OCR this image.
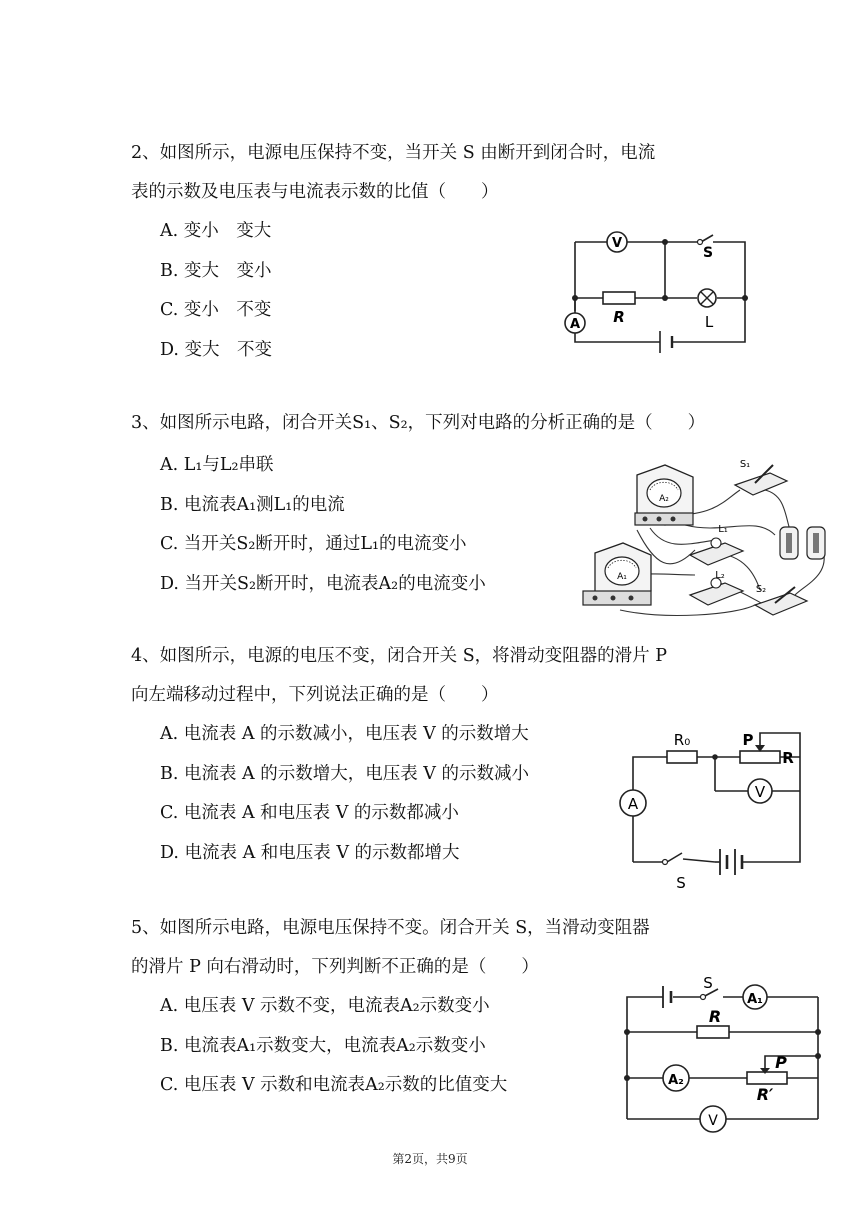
2、如图所示，电源电压保持不变，当开关 S 由断开到闭合时，电流

表的示数及电压表与电流表示数的比值（　　）

A. 变小　变大
B. 变大　变小
C. 变小　不变
D. 变大　不变
V
S
R	L
A

3、如图所示电路，闭合开关S₁、S₂，下列对电路的分析正确的是（　　）

A. L₁与L₂串联
B. 电流表A₁测L₁的电流
C. 当开关S₂断开时，通过L₁的电流变小
D. 当开关S₂断开时，电流表A₂的电流变小
A₂
A₁
S₁
L₁
L₂
S₂

4、如图所示，电源的电压不变，闭合开关 S，将滑动变阻器的滑片 P

向左端移动过程中，下列说法正确的是（　　）

A. 电流表 A 的示数减小，电压表 V 的示数增大
B. 电流表 A 的示数增大，电压表 V 的示数减小
C. 电流表 A 和电压表 V 的示数都减小
D. 电流表 A 和电压表 V 的示数都增大
R₀	P
R
V
A
S

5、如图所示电路，电源电压保持不变。闭合开关 S，当滑动变阻器

的滑片 P 向右滑动时，下列判断不正确的是（　　）

A. 电压表 V 示数不变，电流表A₂示数变小
B. 电流表A₁示数变大，电流表A₂示数变小
C. 电压表 V 示数和电流表A₂示数的比值变大
S
A₁
R
A₂
P
R′
V
第2页，共9页
